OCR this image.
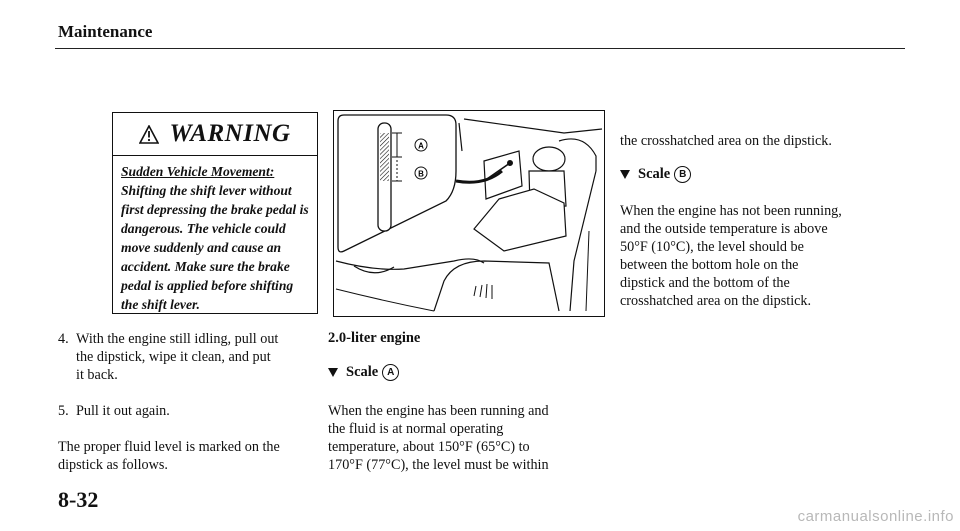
Maintenance
WARNING
Sudden Vehicle Movement:
Shifting the shift lever without
first depressing the brake pedal is
dangerous. The vehicle could
move suddenly and cause an
accident. Make sure the brake
pedal is applied before shifting
the shift lever.
4. With the engine still idling, pull out
the dipstick, wipe it clean, and put
it back.
5. Pull it out again.
The proper fluid level is marked on the
dipstick as follows.
8-32
A
B
2.0-liter engine
Scale A
When the engine has been running and
the fluid is at normal operating
temperature, about 150°F (65°C) to
170°F (77°C), the level must be within
the crosshatched area on the dipstick.
Scale B
When the engine has not been running,
and the outside temperature is above
50°F (10°C), the level should be
between the bottom hole on the
dipstick and the bottom of the
crosshatched area on the dipstick.
carmanualsonline.info
